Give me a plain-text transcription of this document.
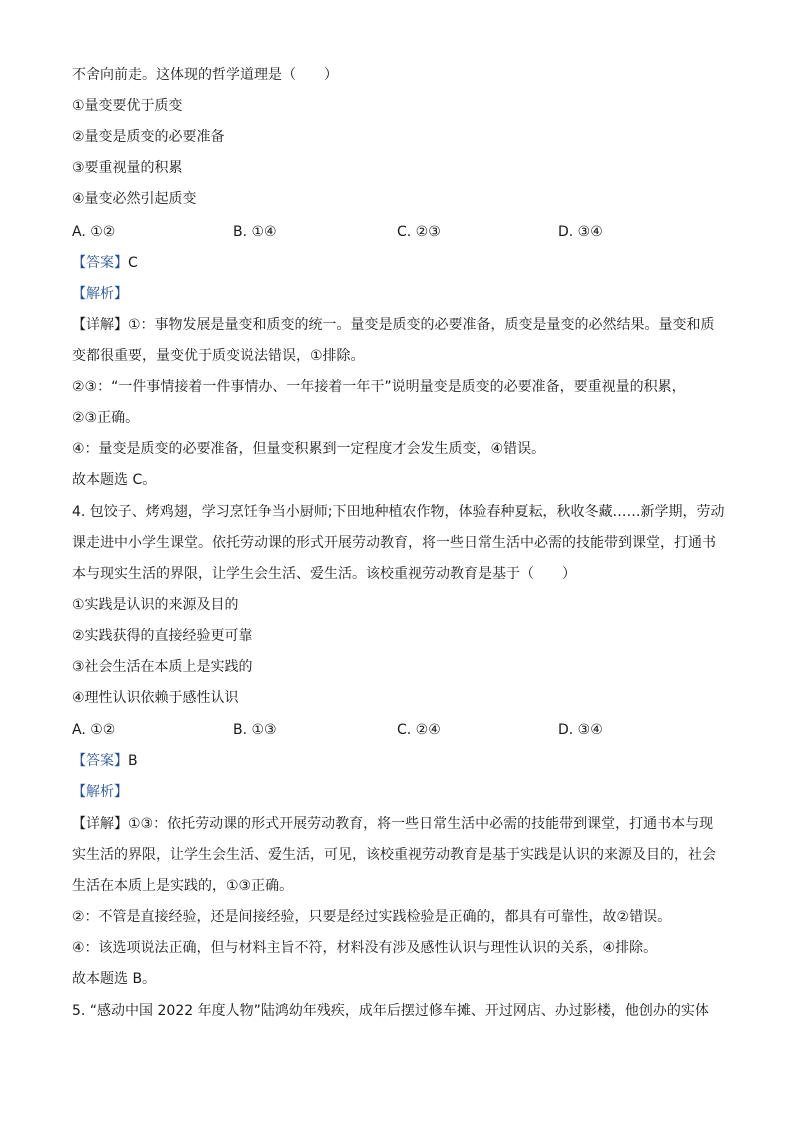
不舍向前走。这体现的哲学道理是（　　）
①量变要优于质变
②量变是质变的必要准备
③要重视量的积累
④量变必然引起质变
A. ①②	B. ①④	C. ②③	D. ③④
【答案】C
【解析】
【详解】①：事物发展是量变和质变的统一。量变是质变的必要准备，质变是量变的必然结果。量变和质
变都很重要，量变优于质变说法错误，①排除。
②③：“一件事情接着一件事情办、一年接着一年干”说明量变是质变的必要准备，要重视量的积累，
②③正确。
④：量变是质变的必要准备，但量变积累到一定程度才会发生质变，④错误。
故本题选 C。
4. 包饺子、烤鸡翅，学习烹饪争当小厨师;下田地种植农作物，体验春种夏耘，秋收冬藏……新学期，劳动
课走进中小学生课堂。依托劳动课的形式开展劳动教育，将一些日常生活中必需的技能带到课堂，打通书
本与现实生活的界限，让学生会生活、爱生活。该校重视劳动教育是基于（　　）
①实践是认识的来源及目的
②实践获得的直接经验更可靠
③社会生活在本质上是实践的
④理性认识依赖于感性认识
A. ①②	B. ①③	C. ②④	D. ③④
【答案】B
【解析】
【详解】①③：依托劳动课的形式开展劳动教育，将一些日常生活中必需的技能带到课堂，打通书本与现
实生活的界限，让学生会生活、爱生活，可见，该校重视劳动教育是基于实践是认识的来源及目的，社会
生活在本质上是实践的，①③正确。
②：不管是直接经验，还是间接经验，只要是经过实践检验是正确的，都具有可靠性，故②错误。
④：该选项说法正确，但与材料主旨不符，材料没有涉及感性认识与理性认识的关系，④排除。
故本题选 B。
5. “感动中国 2022 年度人物”陆鸿幼年残疾，成年后摆过修车摊、开过网店、办过影楼，他创办的实体
